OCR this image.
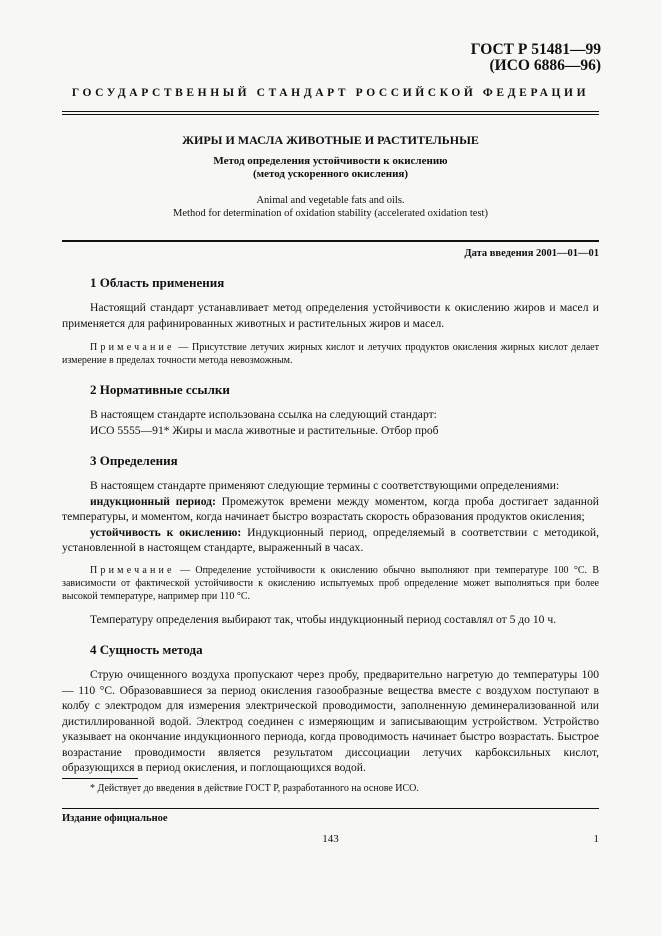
ГОСТ Р 51481—99
(ИСО 6886—96)
ГОСУДАРСТВЕННЫЙ СТАНДАРТ РОССИЙСКОЙ ФЕДЕРАЦИИ
ЖИРЫ И МАСЛА ЖИВОТНЫЕ И РАСТИТЕЛЬНЫЕ
Метод определения устойчивости к окислению
(метод ускоренного окисления)
Animal and vegetable fats and oils.
Method for determination of oxidation stability (accelerated oxidation test)
Дата введения 2001—01—01
1 Область применения

Настоящий стандарт устанавливает метод определения устойчивости к окислению жиров и масел и применяется для рафинированных животных и растительных жиров и масел.

Примечание — Присутствие летучих жирных кислот и летучих продуктов окисления жирных кислот делает измерение в пределах точности метода невозможным.

2 Нормативные ссылки

В настоящем стандарте использована ссылка на следующий стандарт:

ИСО 5555—91* Жиры и масла животные и растительные. Отбор проб

3 Определения

В настоящем стандарте применяют следующие термины с соответствующими определениями:

индукционный период: Промежуток времени между моментом, когда проба достигает заданной температуры, и моментом, когда начинает быстро возрастать скорость образования продуктов окисления;

устойчивость к окислению: Индукционный период, определяемый в соответствии с методикой, установленной в настоящем стандарте, выраженный в часах.

Примечание — Определение устойчивости к окислению обычно выполняют при температуре 100 °C. В зависимости от фактической устойчивости к окислению испытуемых проб определение может выполняться при более высокой температуре, например при 110 °C.

Температуру определения выбирают так, чтобы индукционный период составлял от 5 до 10 ч.

4 Сущность метода

Струю очищенного воздуха пропускают через пробу, предварительно нагретую до температуры 100 — 110 °C. Образовавшиеся за период окисления газообразные вещества вместе с воздухом поступают в колбу с электродом для измерения электрической проводимости, заполненную деминерализованной или дистиллированной водой. Электрод соединен с измеряющим и записывающим устройством. Устройство указывает на окончание индукционного периода, когда проводимость начинает быстро возрастать. Быстрое возрастание проводимости является результатом диссоциации летучих карбоксильных кислот, образующихся в период окисления, и поглощающихся водой.

* Действует до введения в действие ГОСТ Р, разработанного на основе ИСО.
Издание официальное
143	1
